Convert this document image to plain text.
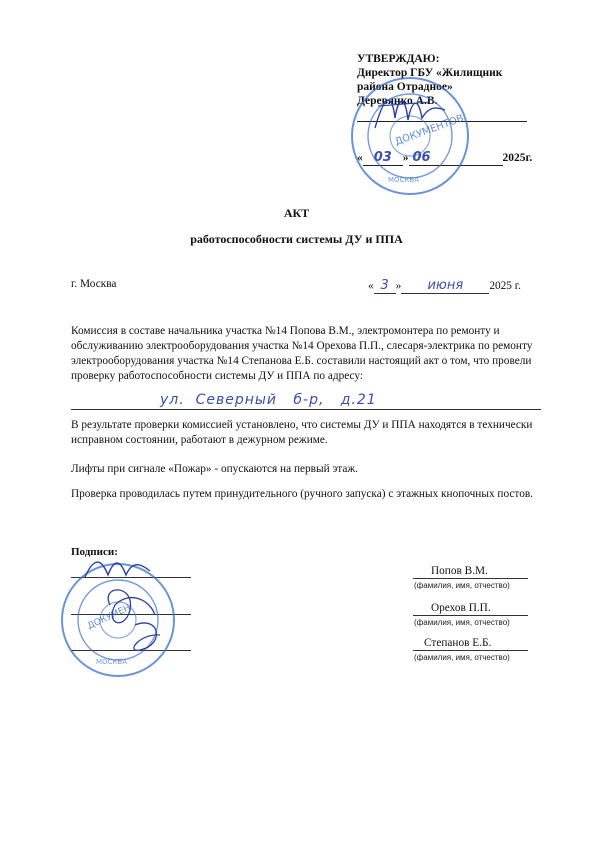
УТВЕРЖДАЮ:
Директор ГБУ «Жилищник
района Отрадное»
Деревянко А.В.
« 03 » 06	2025г.
ДОКУМЕНТОВ
МОСКВА
АКТ
работоспособности системы ДУ и ППА
г. Москва	« 3 » июня 2025 г.
Комиссия в составе начальника участка №14 Попова В.М., электромонтера по ремонту и обслуживанию электрооборудования участка №14 Орехова П.П., слесаря-электрика по ремонту электрооборудования участка №14 Степанова Е.Б. составили настоящий акт о том, что провели проверку работоспособности системы ДУ и ППА по адресу:
ул.  Северный   б-р,   д.21
В результате проверки комиссией установлено, что системы ДУ и ППА находятся в технически исправном состоянии, работают в дежурном режиме.
Лифты при сигнале «Пожар» - опускаются на первый этаж.
Проверка проводилась путем принудительного (ручного запуска) с этажных кнопочных постов.
Подписи:
ДОКУМЕН
МОСКВА
Попов В.М.
(фамилия, имя, отчество)
Орехов П.П.
(фамилия, имя, отчество)
Степанов Е.Б.
(фамилия, имя, отчество)
